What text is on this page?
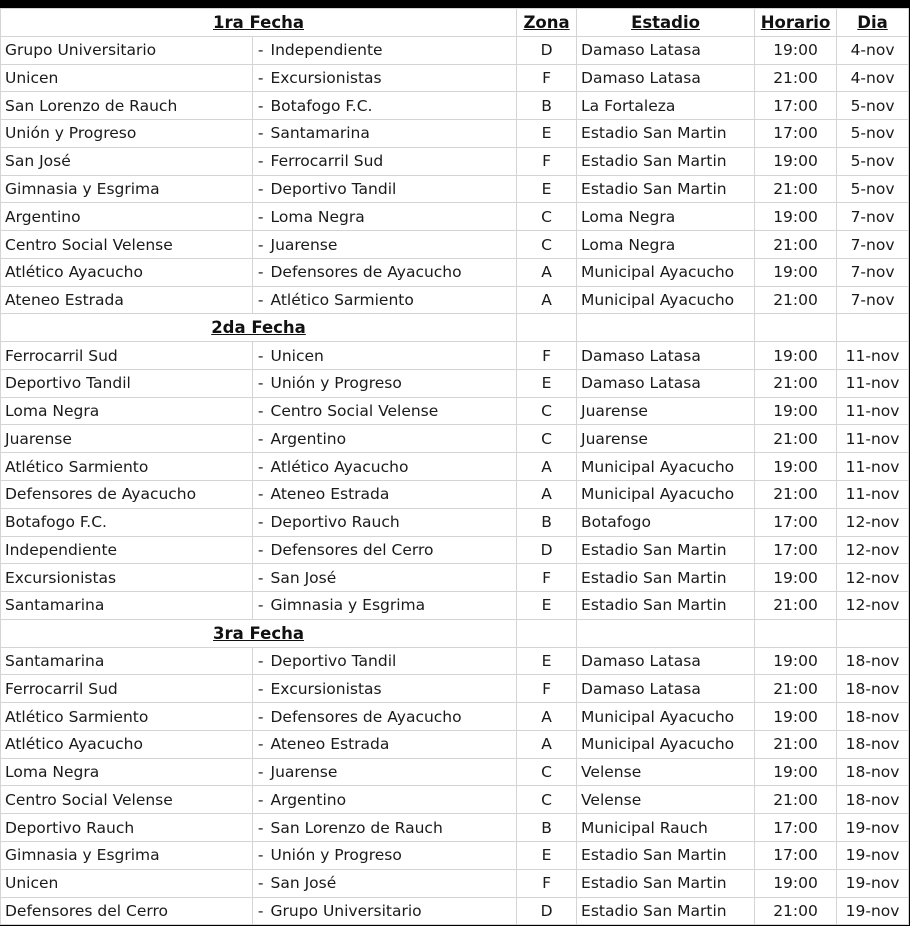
1ra Fecha			Zona	Estadio	Horario	Dia
Grupo Universitario	-	Independiente	D	Damaso Latasa	19:00	4-nov
Unicen	-	Excursionistas	F	Damaso Latasa	21:00	4-nov
San Lorenzo de Rauch	-	Botafogo F.C.	B	La Fortaleza	17:00	5-nov
Unión y Progreso	-	Santamarina	E	Estadio San Martin	17:00	5-nov
San José	-	Ferrocarril Sud	F	Estadio San Martin	19:00	5-nov
Gimnasia y Esgrima	-	Deportivo Tandil	E	Estadio San Martin	21:00	5-nov
Argentino	-	Loma Negra	C	Loma Negra	19:00	7-nov
Centro Social Velense	-	Juarense	C	Loma Negra	21:00	7-nov
Atlético Ayacucho	-	Defensores de Ayacucho	A	Municipal Ayacucho	19:00	7-nov
Ateneo Estrada	-	Atlético Sarmiento	A	Municipal Ayacucho	21:00	7-nov
2da Fecha						
Ferrocarril Sud	-	Unicen	F	Damaso Latasa	19:00	11-nov
Deportivo Tandil	-	Unión y Progreso	E	Damaso Latasa	21:00	11-nov
Loma Negra	-	Centro Social Velense	C	Juarense	19:00	11-nov
Juarense	-	Argentino	C	Juarense	21:00	11-nov
Atlético Sarmiento	-	Atlético Ayacucho	A	Municipal Ayacucho	19:00	11-nov
Defensores de Ayacucho	-	Ateneo Estrada	A	Municipal Ayacucho	21:00	11-nov
Botafogo F.C.	-	Deportivo Rauch	B	Botafogo	17:00	12-nov
Independiente	-	Defensores del Cerro	D	Estadio San Martin	17:00	12-nov
Excursionistas	-	San José	F	Estadio San Martin	19:00	12-nov
Santamarina	-	Gimnasia y Esgrima	E	Estadio San Martin	21:00	12-nov
3ra Fecha						
Santamarina	-	Deportivo Tandil	E	Damaso Latasa	19:00	18-nov
Ferrocarril Sud	-	Excursionistas	F	Damaso Latasa	21:00	18-nov
Atlético Sarmiento	-	Defensores de Ayacucho	A	Municipal Ayacucho	19:00	18-nov
Atlético Ayacucho	-	Ateneo Estrada	A	Municipal Ayacucho	21:00	18-nov
Loma Negra	-	Juarense	C	Velense	19:00	18-nov
Centro Social Velense	-	Argentino	C	Velense	21:00	18-nov
Deportivo Rauch	-	San Lorenzo de Rauch	B	Municipal Rauch	17:00	19-nov
Gimnasia y Esgrima	-	Unión y Progreso	E	Estadio San Martin	17:00	19-nov
Unicen	-	San José	F	Estadio San Martin	19:00	19-nov
Defensores del Cerro	-	Grupo Universitario	D	Estadio San Martin	21:00	19-nov
